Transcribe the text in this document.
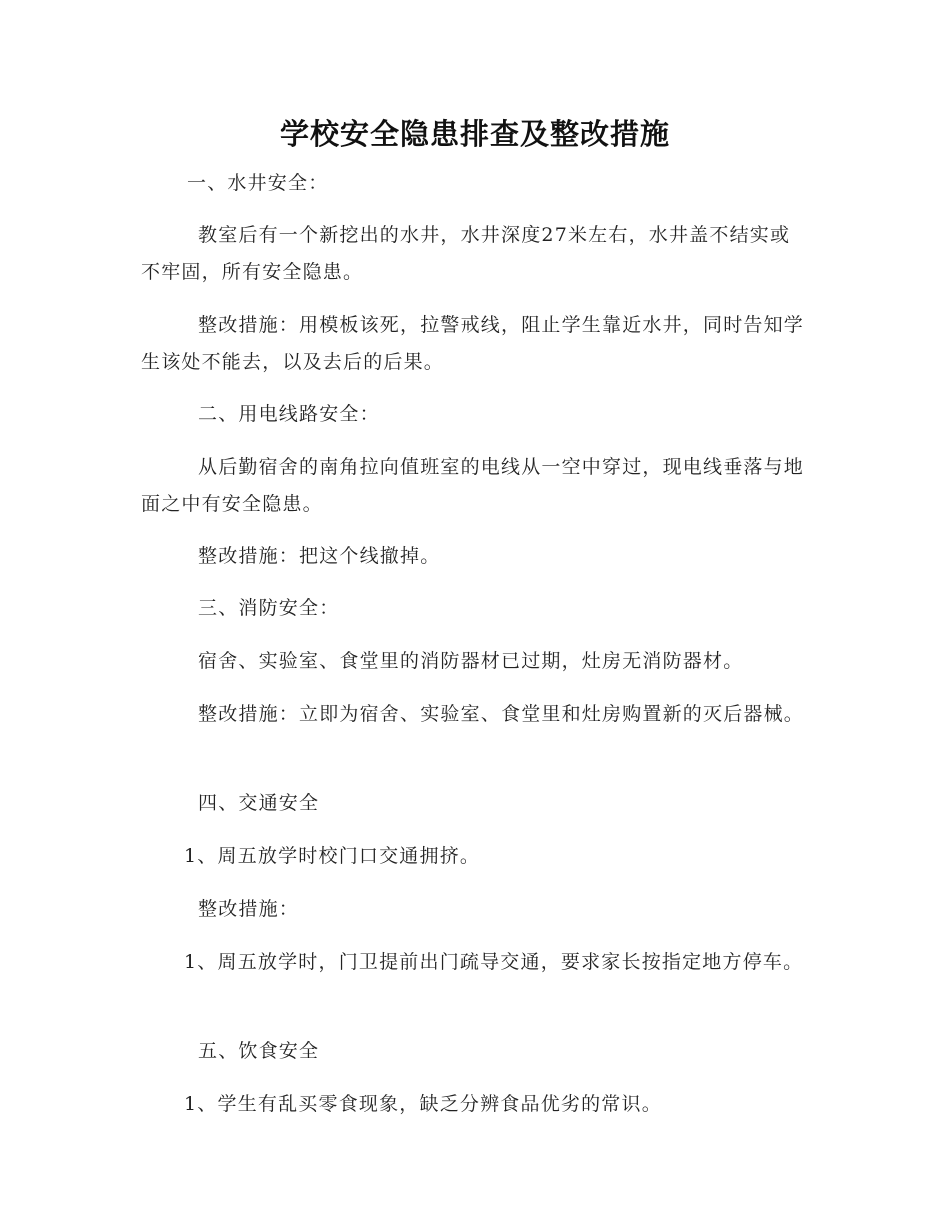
学校安全隐患排查及整改措施

一、水井安全：

教室后有一个新挖出的水井，水井深度27米左右，水井盖不结实或不牢固，所有安全隐患。

整改措施：用模板该死，拉警戒线，阻止学生靠近水井，同时告知学生该处不能去，以及去后的后果。

二、用电线路安全：

从后勤宿舍的南角拉向值班室的电线从一空中穿过，现电线垂落与地面之中有安全隐患。

整改措施：把这个线撤掉。

三、消防安全：

宿舍、实验室、食堂里的消防器材已过期，灶房无消防器材。

整改措施：立即为宿舍、实验室、食堂里和灶房购置新的灭后器械。

四、交通安全

1、周五放学时校门口交通拥挤。

整改措施：

1、周五放学时，门卫提前出门疏导交通，要求家长按指定地方停车。

五、饮食安全

1、学生有乱买零食现象，缺乏分辨食品优劣的常识。
